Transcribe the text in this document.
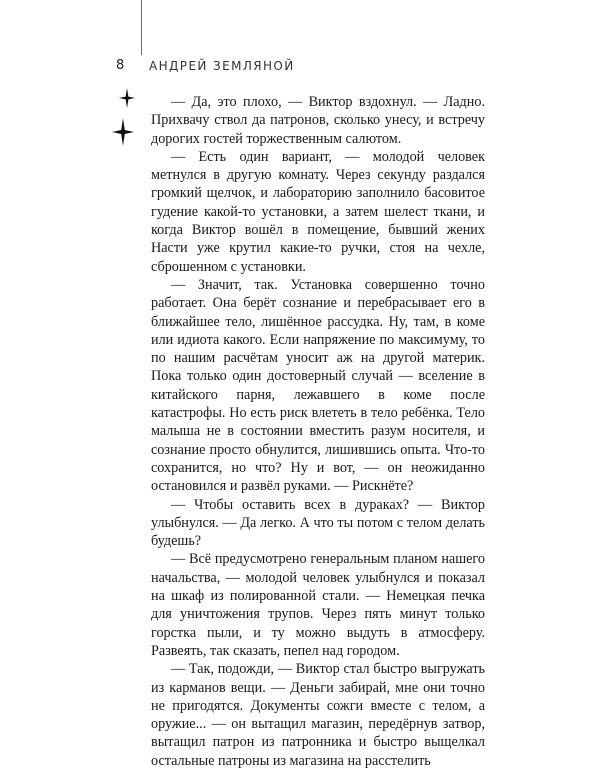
8	АНДРЕЙ ЗЕМЛЯНОЙ

— Да, это плохо, — Виктор вздохнул. — Ладно. Прихвачу ствол да патронов, сколько унесу, и встречу дорогих гостей торжественным салютом.

— Есть один вариант, — молодой человек метнулся в другую комнату. Через секунду раздался громкий щелчок, и лабораторию заполнило басовитое гудение какой-то установки, а затем шелест ткани, и когда Виктор вошёл в помещение, бывший жених Насти уже крутил какие-то ручки, стоя на чехле, сброшенном с установки.

— Значит, так. Установка совершенно точно работает. Она берёт сознание и перебрасывает его в ближайшее тело, лишённое рассудка. Ну, там, в коме или идиота какого. Если напряжение по максимуму, то по нашим расчётам уносит аж на другой материк. Пока только один достоверный случай — вселение в китайского парня, лежавшего в коме после катастрофы. Но есть риск влететь в тело ребёнка. Тело малыша не в состоянии вместить разум носителя, и сознание просто обнулится, лишившись опыта. Что-то сохранится, но что? Ну и вот, — он неожиданно остановился и развёл руками. — Рискнёте?

— Чтобы оставить всех в дураках? — Виктор улыбнулся. — Да легко. А что ты потом с телом делать будешь?

— Всё предусмотрено генеральным планом нашего начальства, — молодой человек улыбнулся и показал на шкаф из полированной стали. — Немецкая печка для уничтожения трупов. Через пять минут только горстка пыли, и ту можно выдуть в атмосферу. Развеять, так сказать, пепел над городом.

— Так, подожди, — Виктор стал быстро выгружать из карманов вещи. — Деньги забирай, мне они точно не пригодятся. Документы сожги вместе с телом, а оружие... — он вытащил магазин, передёрнув затвор, вытащил патрон из патронника и быстро выщелкал остальные патроны из магазина на расстелить
